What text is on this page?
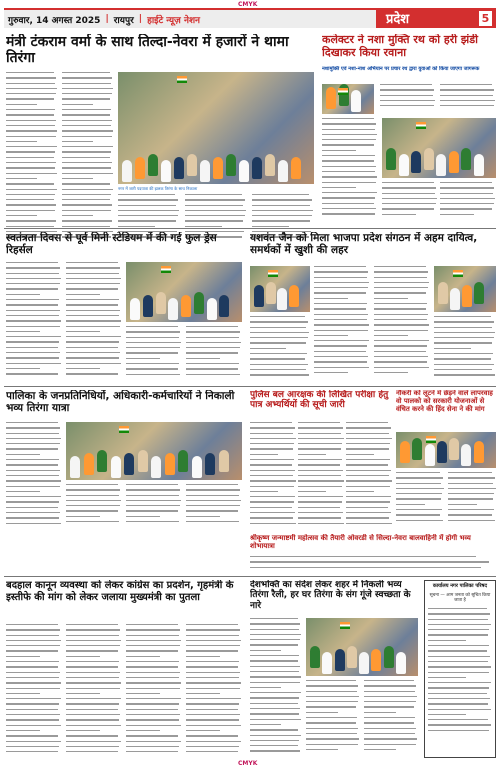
CMYK
गुरुवार, 14 अगस्त 2025 | रायपुर | हाईटे न्यूज़ नेशन	प्रदेश	5
मंत्री टंकराम वर्मा के साथ तिल्दा-नेवरा में हजारों ने थामा तिरंगा
नगर में जारी पदयात्रा की झलक तिरंगा के साथ निकाला
कलेक्टर ने नशा मुक्ति रथ को हरी झंडी दिखाकर किया रवाना
नशामुक्ति एवं नशा-नाश अभियान पर प्रचार रथ द्वारा युवाओं को किया जाएगा जागरूक
स्वतंत्रता दिवस से पूर्व मिनी स्टेडियम में की गई फुल ड्रेस रिहर्सल
यशवंत जैन को मिला भाजपा प्रदेश संगठन में अहम दायित्व, समर्थकों में खुशी की लहर
पालिका के जनप्रतिनिधियों, अधिकारी-कर्मचारियों ने निकाली भव्य तिरंगा यात्रा
पुलिस बल आरक्षक की लिखित परीक्षा हेतु पात्र अभ्यर्थियों की सूची जारी
नौकरी को लूटने में छेड़ने वाले लापरवाह वो पालको को सरकारी योजनाओं से वंचित करने की हिंद सेना ने की मांग
श्रीकृष्ण जन्माष्टमी महोत्सव की तैयारी ओवरडी से सिल्दा-नेवरा बालवाहिनी में होगी भव्य शोभायात्रा
बदहाल कानून व्यवस्था को लेकर कांग्रेस का प्रदर्शन, गृहमंत्री के इस्तीफे की मांग को लेकर जलाया मुख्यमंत्री का पुतला
देशभक्ति का संदेश लेकर शहर में निकली भव्य तिरंगा रैली, हर घर तिरंगा के संग गूंजे स्वच्छता के नारे
कार्यालय नगर पालिका परिषद
सूचना — आम जनता को सूचित किया जाता है
CMYK
